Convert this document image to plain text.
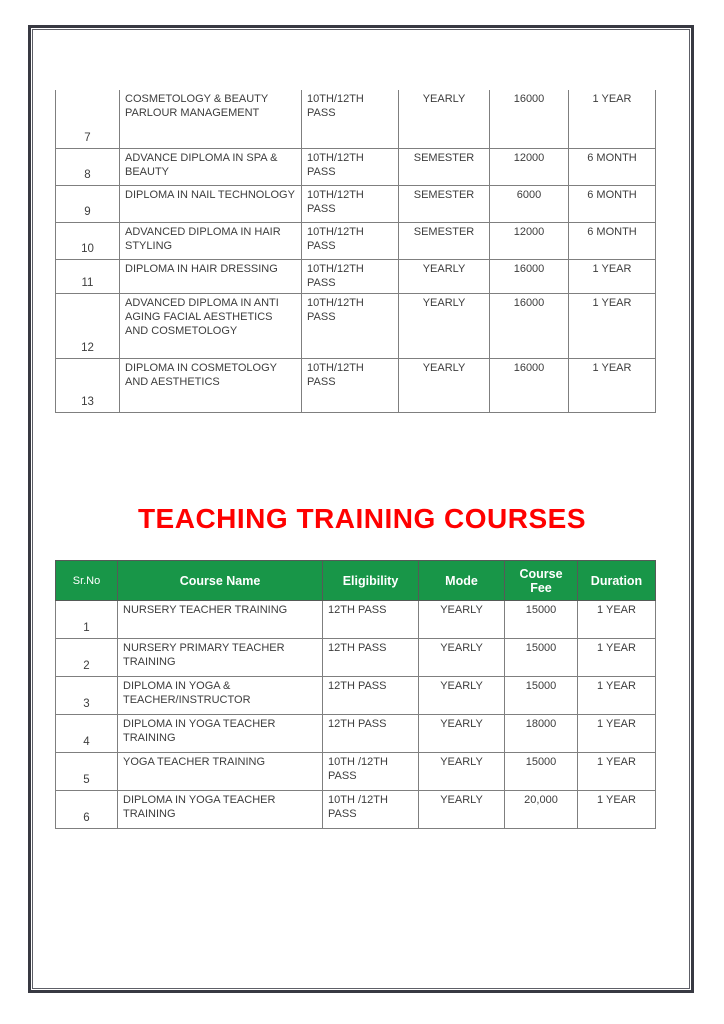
7	COSMETOLOGY & BEAUTY PARLOUR MANAGEMENT	10TH/12TH PASS	YEARLY	16000	1 YEAR
8	ADVANCE DIPLOMA IN SPA & BEAUTY	10TH/12TH PASS	SEMESTER	12000	6 MONTH
9	DIPLOMA IN NAIL TECHNOLOGY	10TH/12TH PASS	SEMESTER	6000	6 MONTH
10	ADVANCED DIPLOMA IN HAIR STYLING	10TH/12TH PASS	SEMESTER	12000	6 MONTH
11	DIPLOMA IN HAIR DRESSING	10TH/12TH PASS	YEARLY	16000	1 YEAR
12	ADVANCED DIPLOMA IN ANTI AGING FACIAL AESTHETICS AND COSMETOLOGY	10TH/12TH PASS	YEARLY	16000	1 YEAR
13	DIPLOMA IN COSMETOLOGY AND AESTHETICS	10TH/12TH PASS	YEARLY	16000	1 YEAR
TEACHING TRAINING COURSES
Sr.No	Course Name	Eligibility	Mode	Course Fee	Duration
1	NURSERY TEACHER TRAINING	12TH PASS	YEARLY	15000	1 YEAR
2	NURSERY PRIMARY TEACHER TRAINING	12TH PASS	YEARLY	15000	1 YEAR
3	DIPLOMA IN YOGA & TEACHER/INSTRUCTOR	12TH PASS	YEARLY	15000	1 YEAR
4	DIPLOMA IN YOGA TEACHER TRAINING	12TH PASS	YEARLY	18000	1 YEAR
5	YOGA TEACHER TRAINING	10TH /12TH PASS	YEARLY	15000	1 YEAR
6	DIPLOMA IN YOGA TEACHER TRAINING	10TH /12TH PASS	YEARLY	20,000	1 YEAR
